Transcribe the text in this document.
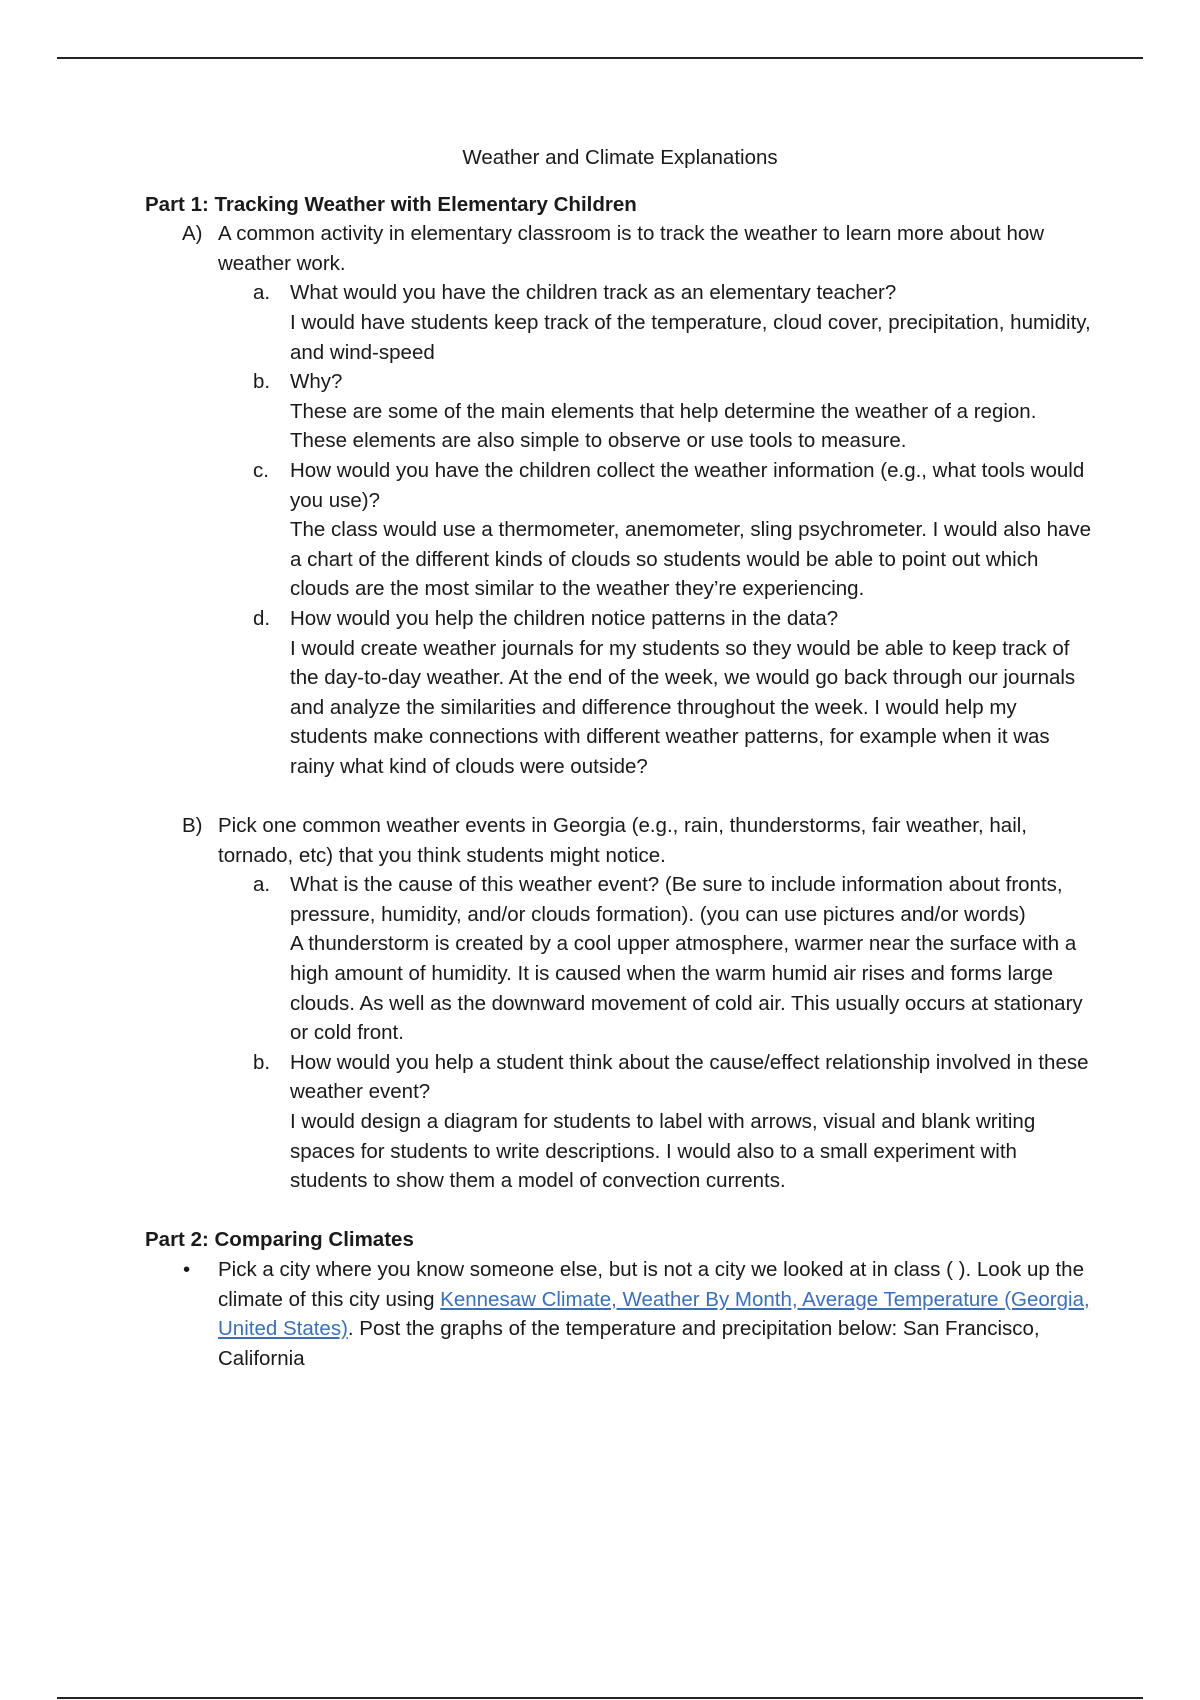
Weather and Climate Explanations
Part 1: Tracking Weather with Elementary Children
A) A common activity in elementary classroom is to track the weather to learn more about how weather work.
a. What would you have the children track as an elementary teacher?
I would have students keep track of the temperature, cloud cover, precipitation, humidity, and wind-speed
b. Why?
These are some of the main elements that help determine the weather of a region. These elements are also simple to observe or use tools to measure.
c. How would you have the children collect the weather information (e.g., what tools would you use)?
The class would use a thermometer, anemometer, sling psychrometer. I would also have a chart of the different kinds of clouds so students would be able to point out which clouds are the most similar to the weather they’re experiencing.
d. How would you help the children notice patterns in the data?
I would create weather journals for my students so they would be able to keep track of the day-to-day weather. At the end of the week, we would go back through our journals and analyze the similarities and difference throughout the week. I would help my students make connections with different weather patterns, for example when it was rainy what kind of clouds were outside?
B) Pick one common weather events in Georgia (e.g., rain, thunderstorms, fair weather, hail, tornado, etc) that you think students might notice.
a. What is the cause of this weather event? (Be sure to include information about fronts, pressure, humidity, and/or clouds formation). (you can use pictures and/or words)
A thunderstorm is created by a cool upper atmosphere, warmer near the surface with a high amount of humidity. It is caused when the warm humid air rises and forms large clouds. As well as the downward movement of cold air. This usually occurs at stationary or cold front.
b. How would you help a student think about the cause/effect relationship involved in these weather event?
I would design a diagram for students to label with arrows, visual and blank writing spaces for students to write descriptions. I would also to a small experiment with students to show them a model of convection currents.
Part 2: Comparing Climates
• Pick a city where you know someone else, but is not a city we looked at in class ( ). Look up the climate of this city using Kennesaw Climate, Weather By Month, Average Temperature (Georgia, United States). Post the graphs of the temperature and precipitation below: San Francisco, California
